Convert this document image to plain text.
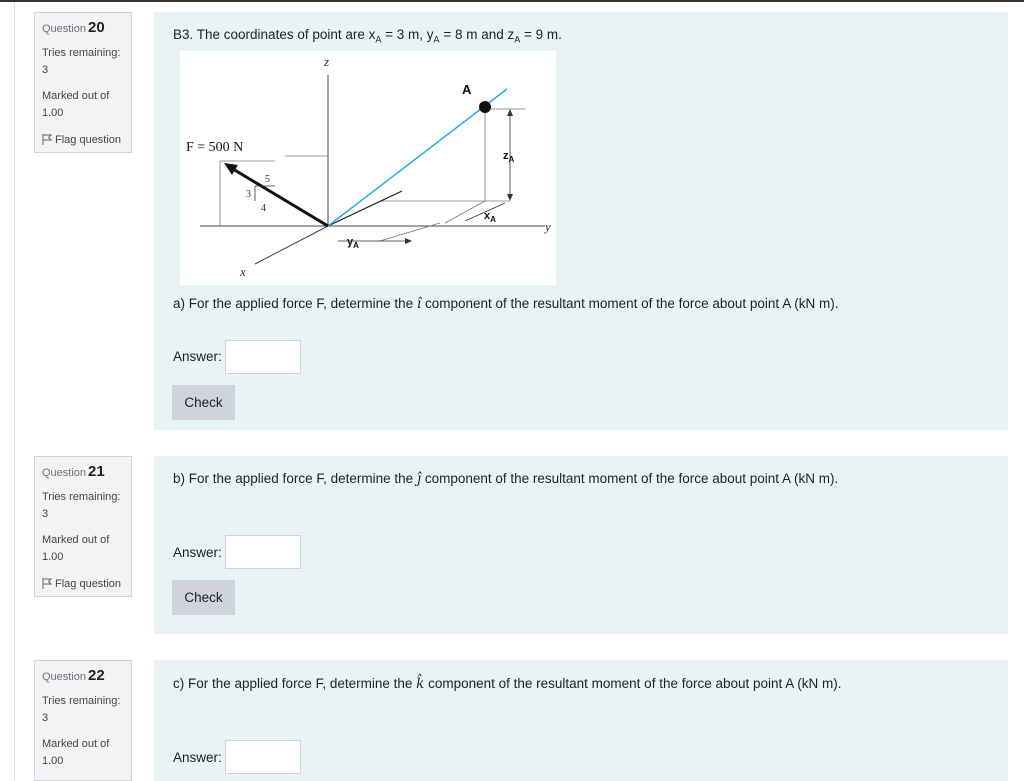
Question 20
Tries remaining:
3
Marked out of
1.00
Flag question
B3. The coordinates of point are $x_A = 3$ m, $y_A = 8$ m and $z_A = 9$ m.
z
y
x
A
F = 500 N
3
4
5
$z_A$
$x_A$
$y_A$
a) For the applied force F, determine the î component of the resultant moment of the force about point A (kN m).
Answer:
Check
Question 21
Tries remaining:
3
Marked out of
1.00
Flag question
b) For the applied force F, determine the ĵ component of the resultant moment of the force about point A (kN m).
Answer:
Check
Question 22
Tries remaining:
3
Marked out of
1.00
c) For the applied force F, determine the k̂ component of the resultant moment of the force about point A (kN m).
Answer:
